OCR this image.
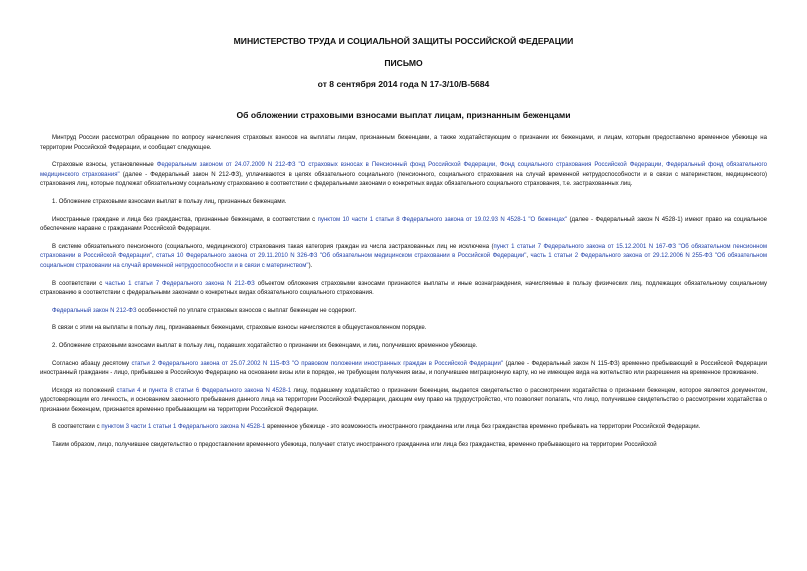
МИНИСТЕРСТВО ТРУДА И СОЦИАЛЬНОЙ ЗАЩИТЫ РОССИЙСКОЙ ФЕДЕРАЦИИ
ПИСЬМО
от 8 сентября 2014 года N 17-3/10/В-5684
Об обложении страховыми взносами выплат лицам, признанным беженцами

Минтруд России рассмотрел обращение по вопросу начисления страховых взносов на выплаты лицам, признанным беженцами, а также ходатайствующим о признании их беженцами, и лицам, которым предоставлено временное убежище на территории Российской Федерации, и сообщает следующее.

Страховые взносы, установленные Федеральным законом от 24.07.2009 N 212-ФЗ "О страховых взносах в Пенсионный фонд Российской Федерации, Фонд социального страхования Российской Федерации, Федеральный фонд обязательного медицинского страхования" (далее - Федеральный закон N 212-ФЗ), уплачиваются в целях обязательного социального (пенсионного, социального страхования на случай временной нетрудоспособности и в связи с материнством, медицинского) страхования лиц, которые подлежат обязательному социальному страхованию в соответствии с федеральными законами о конкретных видах обязательного социального страхования, т.е. застрахованных лиц.

1. Обложение страховыми взносами выплат в пользу лиц, признанных беженцами.

Иностранные граждане и лица без гражданства, признанные беженцами, в соответствии с пунктом 10 части 1 статьи 8 Федерального закона от 19.02.93 N 4528-1 "О беженцах" (далее - Федеральный закон N 4528-1) имеют право на социальное обеспечение наравне с гражданами Российской Федерации.

В системе обязательного пенсионного (социального, медицинского) страхования такая категория граждан из числа застрахованных лиц не исключена (пункт 1 статьи 7 Федерального закона от 15.12.2001 N 167-ФЗ "Об обязательном пенсионном страховании в Российской Федерации", статья 10 Федерального закона от 29.11.2010 N 326-ФЗ "Об обязательном медицинском страховании в Российской Федерации", часть 1 статьи 2 Федерального закона от 29.12.2006 N 255-ФЗ "Об обязательном социальном страховании на случай временной нетрудоспособности и в связи с материнством").

В соответствии с частью 1 статьи 7 Федерального закона N 212-ФЗ объектом обложения страховыми взносами признаются выплаты и иные вознаграждения, начисляемые в пользу физических лиц, подлежащих обязательному социальному страхованию в соответствии с федеральными законами о конкретных видах обязательного социального страхования.

Федеральный закон N 212-ФЗ особенностей по уплате страховых взносов с выплат беженцам не содержит.

В связи с этим на выплаты в пользу лиц, признаваемых беженцами, страховые взносы начисляются в общеустановленном порядке.

2. Обложение страховыми взносами выплат в пользу лиц, подавших ходатайство о признании их беженцами, и лиц, получивших временное убежище.

Согласно абзацу десятому статьи 2 Федерального закона от 25.07.2002 N 115-ФЗ "О правовом положении иностранных граждан в Российской Федерации" (далее - Федеральный закон N 115-ФЗ) временно пребывающий в Российской Федерации иностранный гражданин - лицо, прибывшее в Российскую Федерацию на основании визы или в порядке, не требующем получения визы, и получившее миграционную карту, но не имеющее вида на жительство или разрешения на временное проживание.

Исходя из положений статьи 4 и пункта 8 статьи 6 Федерального закона N 4528-1 лицу, подавшему ходатайство о признании беженцем, выдается свидетельство о рассмотрении ходатайства о признании беженцем, которое является документом, удостоверяющим его личность, и основанием законного пребывания данного лица на территории Российской Федерации, дающим ему право на трудоустройство, что позволяет полагать, что лицо, получившее свидетельство о рассмотрении ходатайства о признании беженцем, признается временно пребывающим на территории Российской Федерации.

В соответствии с пунктом 3 части 1 статьи 1 Федерального закона N 4528-1 временное убежище - это возможность иностранного гражданина или лица без гражданства временно пребывать на территории Российской Федерации.

Таким образом, лицо, получившее свидетельство о предоставлении временного убежища, получает статус иностранного гражданина или лица без гражданства, временно пребывающего на территории Российской
